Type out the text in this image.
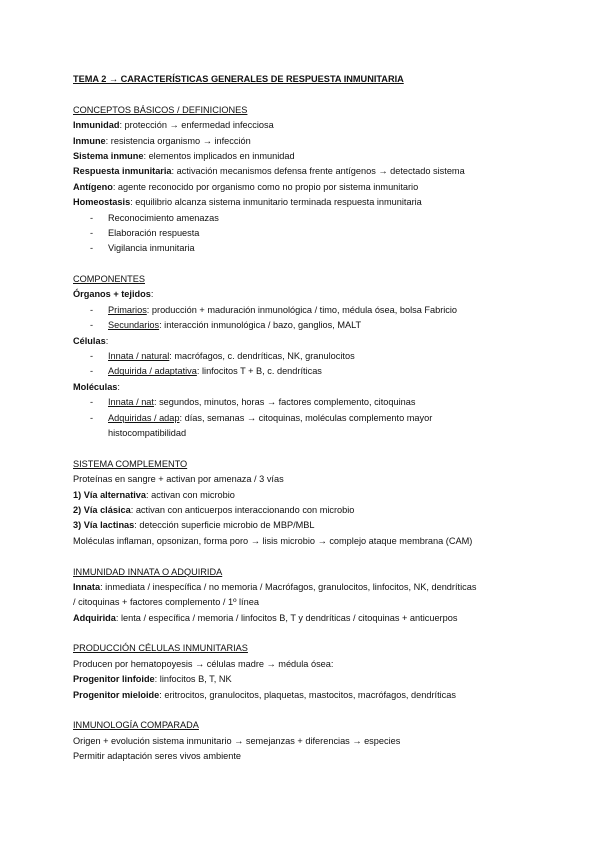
TEMA 2 → CARACTERÍSTICAS GENERALES DE RESPUESTA INMUNITARIA
CONCEPTOS BÁSICOS / DEFINICIONES
Inmunidad: protección → enfermedad infecciosa
Inmune: resistencia organismo → infección
Sistema inmune: elementos implicados en inmunidad
Respuesta inmunitaria: activación mecanismos defensa frente antígenos → detectado sistema
Antígeno: agente reconocido por organismo como no propio por sistema inmunitario
Homeostasis: equilibrio alcanza sistema inmunitario terminada respuesta inmunitaria
- Reconocimiento amenazas
- Elaboración respuesta
- Vigilancia inmunitaria
COMPONENTES
Órganos + tejidos:
- Primarios: producción + maduración inmunológica / timo, médula ósea, bolsa Fabricio
- Secundarios: interacción inmunológica / bazo, ganglios, MALT
Células:
- Innata / natural: macrófagos, c. dendríticas, NK, granulocitos
- Adquirida / adaptativa: linfocitos T + B, c. dendríticas
Moléculas:
- Innata / nat: segundos, minutos, horas → factores complemento, citoquinas
- Adquiridas / adap: días, semanas → citoquinas, moléculas complemento mayor
histocompatibilidad
SISTEMA COMPLEMENTO
Proteínas en sangre + activan por amenaza / 3 vías
1) Vía alternativa: activan con microbio
2) Vía clásica: activan con anticuerpos interaccionando con microbio
3) Vía lactinas: detección superficie microbio de MBP/MBL
Moléculas inflaman, opsonizan, forma poro → lisis microbio → complejo ataque membrana (CAM)
INMUNIDAD INNATA O ADQUIRIDA
Innata: inmediata / inespecífica / no memoria / Macrófagos, granulocitos, linfocitos, NK, dendríticas
/ citoquinas + factores complemento / 1º línea
Adquirida: lenta / específica / memoria / linfocitos B, T y dendríticas / citoquinas + anticuerpos
PRODUCCIÓN CÉLULAS INMUNITARIAS
Producen por hematopoyesis → células madre → médula ósea:
Progenitor linfoide: linfocitos B, T, NK
Progenitor mieloide: eritrocitos, granulocitos, plaquetas, mastocitos, macrófagos, dendríticas
INMUNOLOGÍA COMPARADA
Origen + evolución sistema inmunitario → semejanzas + diferencias → especies
Permitir adaptación seres vivos ambiente
